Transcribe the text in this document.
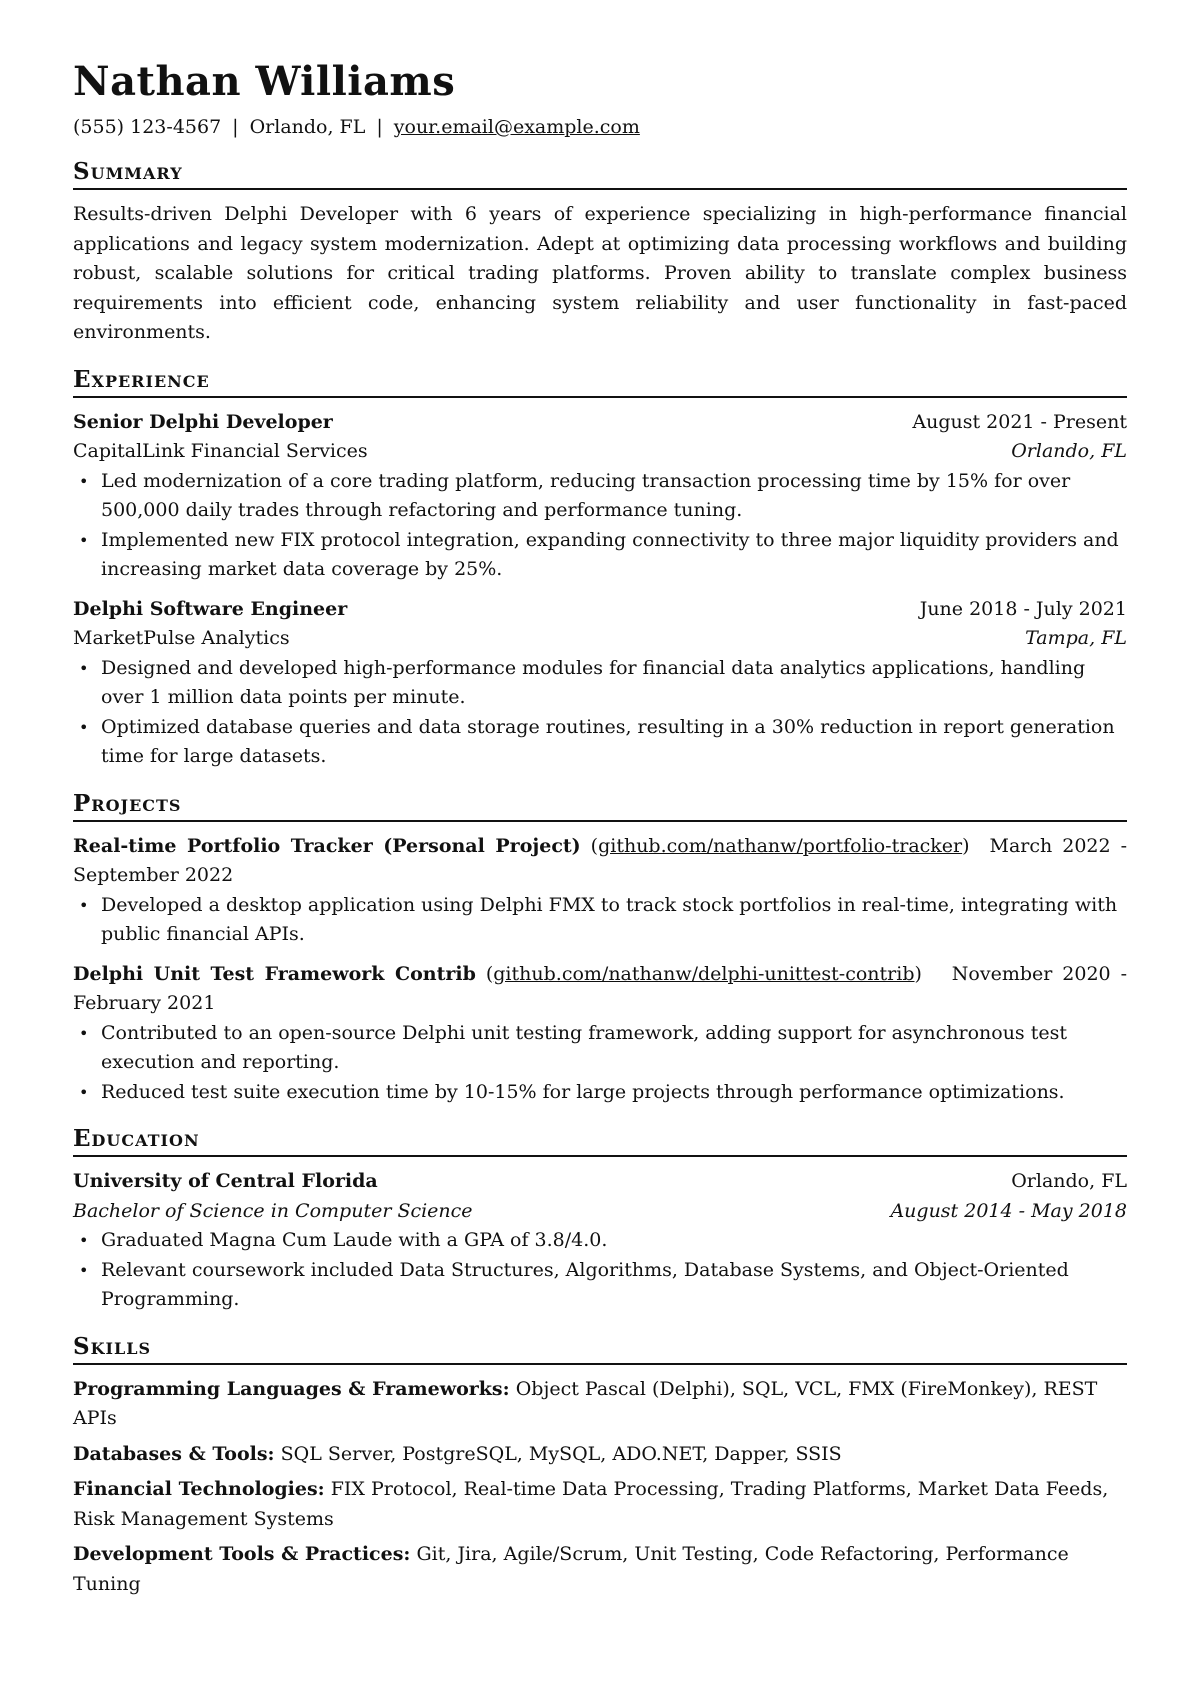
Nathan Williams
(555) 123-4567 | Orlando, FL | your.email@example.com
Summary
Results-driven Delphi Developer with 6 years of experience specializing in high-performance financial applications and legacy system modernization. Adept at optimizing data processing workflows and building robust, scalable solutions for critical trading platforms. Proven ability to translate complex business requirements into efficient code, enhancing system reliability and user functionality in fast-paced environments.
Experience
Senior Delphi Developer	August 2021 - Present
CapitalLink Financial Services	Orlando, FL
• Led modernization of a core trading platform, reducing transaction processing time by 15% for over 500,000 daily trades through refactoring and performance tuning.
• Implemented new FIX protocol integration, expanding connectivity to three major liquidity providers and increasing market data coverage by 25%.
Delphi Software Engineer	June 2018 - July 2021
MarketPulse Analytics	Tampa, FL
• Designed and developed high-performance modules for financial data analytics applications, handling over 1 million data points per minute.
• Optimized database queries and data storage routines, resulting in a 30% reduction in report generation time for large datasets.
Projects
Real-time Portfolio Tracker (Personal Project) (github.com/nathanw/portfolio-tracker)  March 2022 - September 2022
• Developed a desktop application using Delphi FMX to track stock portfolios in real-time, integrating with public financial APIs.
Delphi Unit Test Framework Contrib (github.com/nathanw/delphi-unittest-contrib)   November 2020 - February 2021
• Contributed to an open-source Delphi unit testing framework, adding support for asynchronous test execution and reporting.
• Reduced test suite execution time by 10-15% for large projects through performance optimizations.
Education
University of Central Florida	Orlando, FL
Bachelor of Science in Computer Science	August 2014 - May 2018
• Graduated Magna Cum Laude with a GPA of 3.8/4.0.
• Relevant coursework included Data Structures, Algorithms, Database Systems, and Object-Oriented Programming.
Skills
Programming Languages & Frameworks: Object Pascal (Delphi), SQL, VCL, FMX (FireMonkey), REST APIs
Databases & Tools: SQL Server, PostgreSQL, MySQL, ADO.NET, Dapper, SSIS
Financial Technologies: FIX Protocol, Real-time Data Processing, Trading Platforms, Market Data Feeds, Risk Management Systems
Development Tools & Practices: Git, Jira, Agile/Scrum, Unit Testing, Code Refactoring, Performance Tuning
